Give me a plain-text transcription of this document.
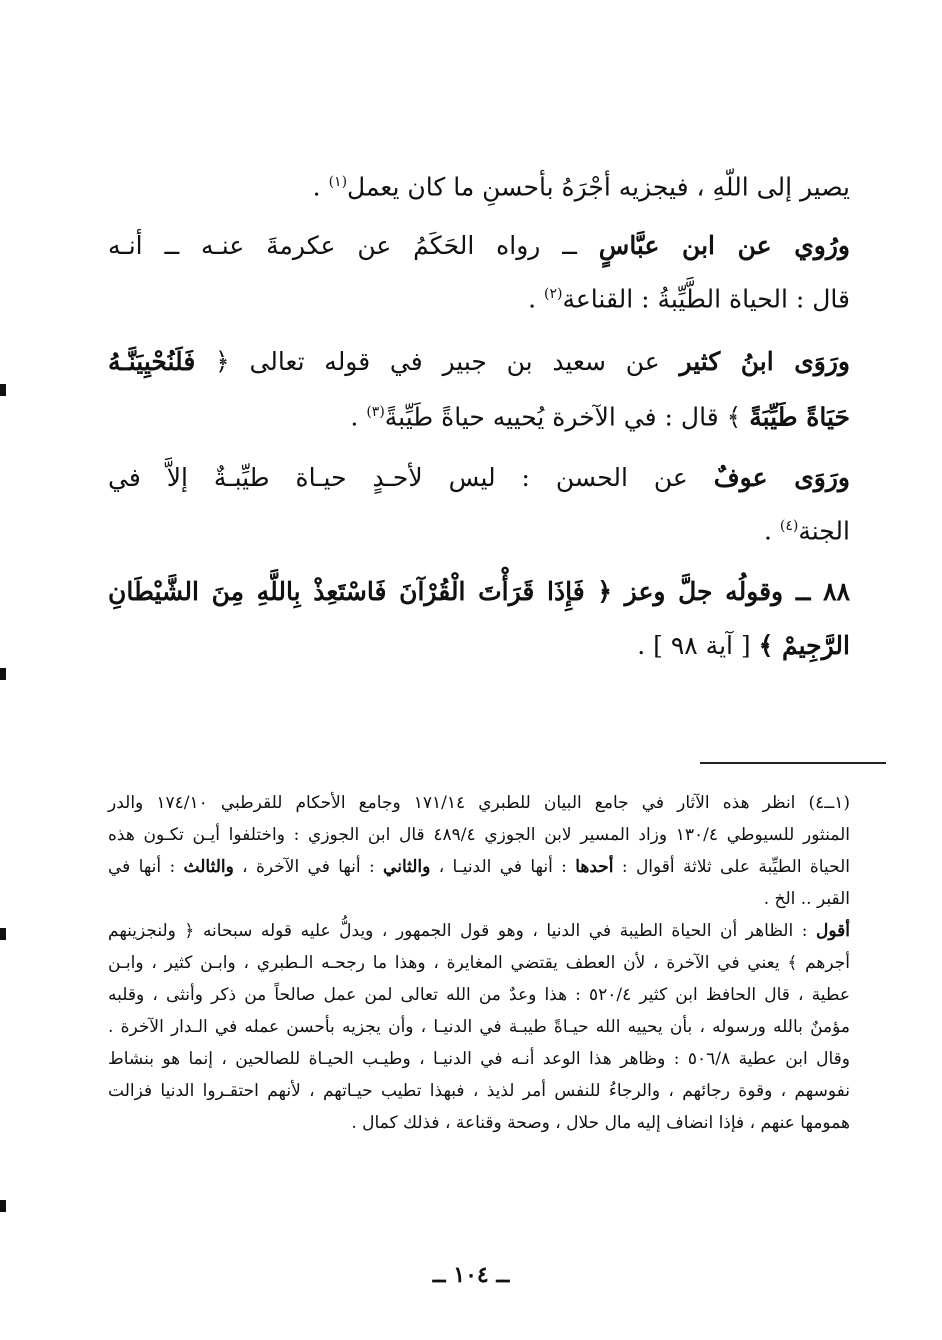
يصير إلى اللّهِ ، فيجزيه أجْرَهُ بأحسنِ ما كان يعمل$^{(١)}$ .
ورُوي عن ابن عبَّاسٍ ــ رواه الحَكَمُ عن عكرمةَ عنـه ــ أنـه
قال : الحياة الطَّيِّبةُ : القناعة$^{(٢)}$ .
ورَوَى ابنُ كثير عن سعيد بن جبير في قوله تعالى ﴿ فَلَنُحْيِيَنَّـهُ
حَيَاةً طَيِّبَةً ﴾ قال : في الآخرة يُحييه حياةً طَيِّبةً$^{(٣)}$ .
ورَوَى عوفٌ عن الحسن : ليس لأحـدٍ حيـاة طيِّبـةٌ إلاَّ في
الجنة$^{(٤)}$ .
٨٨ ــ وقولُه جلَّ وعز ﴿ فَإِذَا قَرَأْتَ الْقُرْآنَ فَاسْتَعِذْ بِاللَّهِ مِنَ الشَّيْطَانِ
الرَّجِيمْ ﴾ [ آية ٩٨ ] .
(١ــ٤) انظر هذه الآثار في جامع البيان للطبري ١٧١/١٤ وجامع الأحكام للقرطبي ١٧٤/١٠ والدر
المنثور للسيوطي ١٣٠/٤ وزاد المسير لابن الجوزي ٤٨٩/٤ قال ابن الجوزي : واختلفوا أيـن تكـون هذه
الحياة الطيِّبة على ثلاثة أقوال : أحدها : أنها في الدنيـا ، والثاني : أنها في الآخرة ، والثالث : أنها في
القبر .. الخ .
أقول : الظاهر أن الحياة الطيبة في الدنيا ، وهو قول الجمهور ، ويدلُّ عليه قوله سبحانه ﴿ ولنجزينهم
أجرهم ﴾ يعني في الآخرة ، لأن العطف يقتضي المغايرة ، وهذا ما رجحـه الـطبري ، وابـن كثير ، وابـن
عطية ، قال الحافظ ابن كثير ٥٢٠/٤ : هذا وعدٌ من الله تعالى لمن عمل صالحاً من ذكر وأنثى ، وقلبه
مؤمنٌ بالله ورسوله ، بأن يحييه الله حيـاةً طيبـة في الدنيـا ، وأن يجزيه بأحسن عمله في الـدار الآخرة .
وقال ابن عطية ٥٠٦/٨ : وظاهر هذا الوعد أنـه في الدنيـا ، وطيـب الحيـاة للصالحين ، إنما هو بنشاط
نفوسهم ، وقوة رجائهم ، والرجاءُ للنفس أمر لذيذ ، فبهذا تطيب حيـاتهم ، لأنهم احتقـروا الدنيا فزالت
همومها عنهم ، فإذا انضاف إليه مال حلال ، وصحة وقناعة ، فذلك كمال .
ــ ١٠٤ ــ
